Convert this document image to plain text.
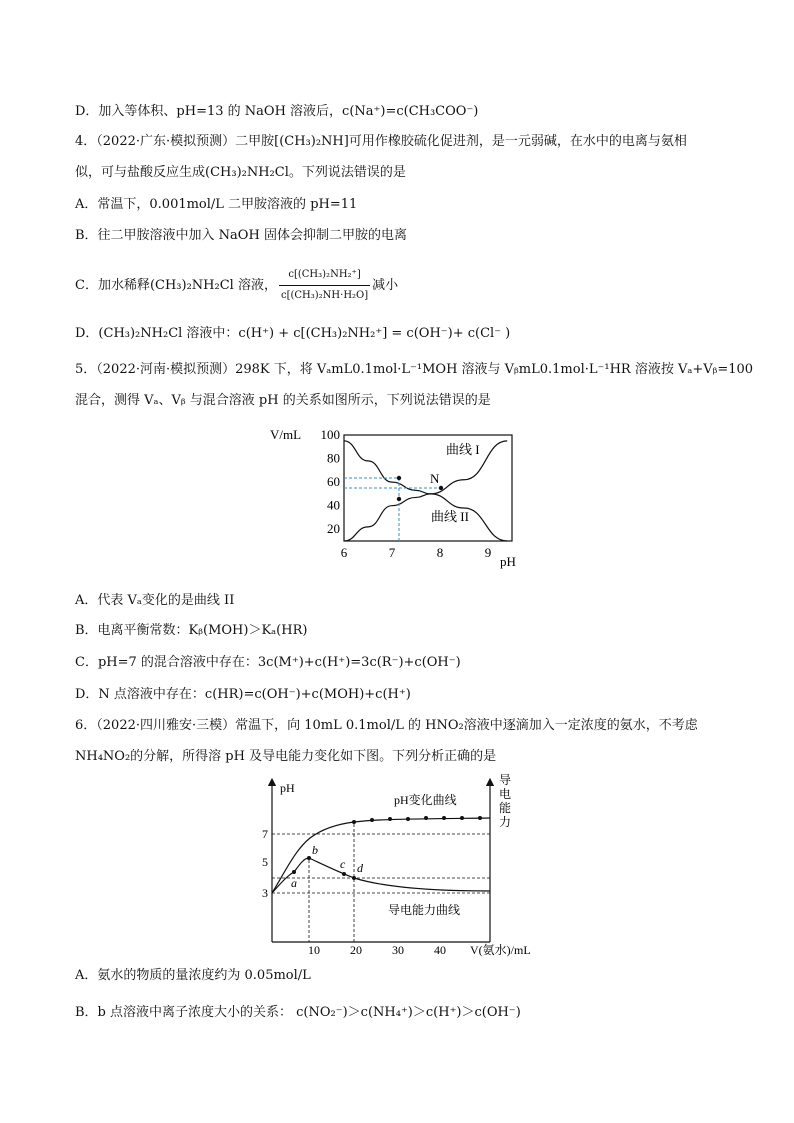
D．加入等体积、pH=13 的 NaOH 溶液后，c(Na⁺)=c(CH₃COO⁻)
4．（2022·广东·模拟预测）二甲胺[(CH₃)₂NH]可用作橡胶硫化促进剂，是一元弱碱，在水中的电离与氨相
似，可与盐酸反应生成(CH₃)₂NH₂Cl。下列说法错误的是
A．常温下，0.001mol/L 二甲胺溶液的 pH=11
B．往二甲胺溶液中加入 NaOH 固体会抑制二甲胺的电离
C．加水稀释(CH₃)₂NH₂Cl 溶液， $\frac{\text{c[(CH₃)₂NH₂⁺]}}{\text{c[(CH₃)₂NH·H₂O]}}$ 减小
D．(CH₃)₂NH₂Cl 溶液中：c(H⁺) + c[(CH₃)₂NH₂⁺] = c(OH⁻)+ c(Cl⁻ )
5．（2022·河南·模拟预测）298K 下，将 VₐmL0.1mol·L⁻¹MOH 溶液与 VᵦmL0.1mol·L⁻¹HR 溶液按 Vₐ+Vᵦ=100
混合，测得 Vₐ、Vᵦ 与混合溶液 pH 的关系如图所示，下列说法错误的是
V/mL
pH
20
40
60
80
100
6	7	8	9
N
曲线 I
曲线 II
A．代表 Vₐ变化的是曲线 II
B．电离平衡常数：Kᵦ(MOH)＞Kₐ(HR)
C．pH=7 的混合溶液中存在：3c(M⁺)+c(H⁺)=3c(R⁻)+c(OH⁻)
D．N 点溶液中存在：c(HR)=c(OH⁻)+c(MOH)+c(H⁺)
6．（2022·四川雅安·三模）常温下，向 10mL 0.1mol/L 的 HNO₂溶液中逐滴加入一定浓度的氨水，不考虑
NH₄NO₂的分解，所得溶 pH 及导电能力变化如下图。下列分析正确的是
pH
导
电
能
力
V(氨水)/mL
3
5
7
10	20	30	40
a
b
c d
pH变化曲线
导电能力曲线
A．氨水的物质的量浓度约为 0.05mol/L
B．b 点溶液中离子浓度大小的关系： c(NO₂⁻)＞c(NH₄⁺)＞c(H⁺)＞c(OH⁻)
